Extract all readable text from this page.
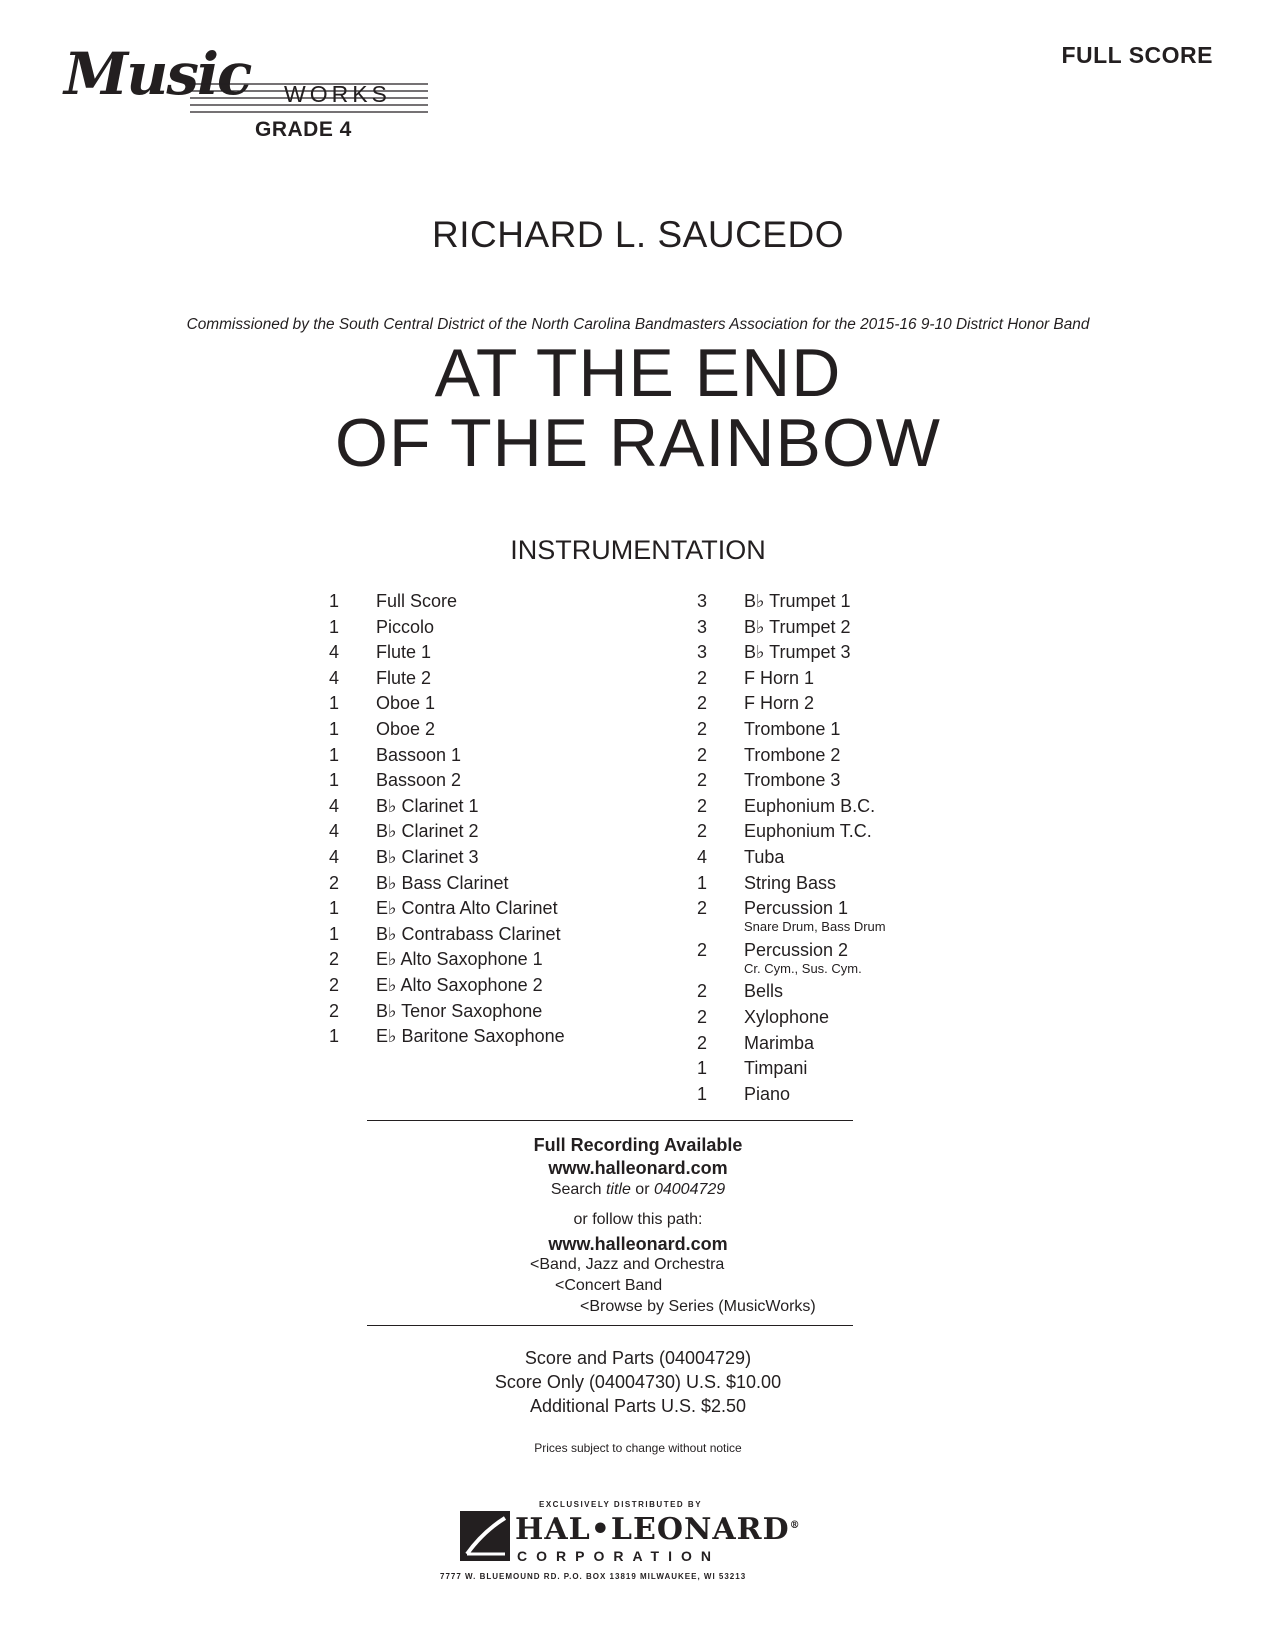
Music WORKS
GRADE 4
FULL SCORE
RICHARD L. SAUCEDO
Commissioned by the South Central District of the North Carolina Bandmasters Association for the 2015-16 9-10 District Honor Band
AT THE END
OF THE RAINBOW
INSTRUMENTATION
1	Full Score
1	Piccolo
4	Flute 1
4	Flute 2
1	Oboe 1
1	Oboe 2
1	Bassoon 1
1	Bassoon 2
4	B♭ Clarinet 1
4	B♭ Clarinet 2
4	B♭ Clarinet 3
2	B♭ Bass Clarinet
1	E♭ Contra Alto Clarinet
1	B♭ Contrabass Clarinet
2	E♭ Alto Saxophone 1
2	E♭ Alto Saxophone 2
2	B♭ Tenor Saxophone
1	E♭ Baritone Saxophone
3	B♭ Trumpet 1
3	B♭ Trumpet 2
3	B♭ Trumpet 3
2	F Horn 1
2	F Horn 2
2	Trombone 1
2	Trombone 2
2	Trombone 3
2	Euphonium B.C.
2	Euphonium T.C.
4	Tuba
1	String Bass
2	Percussion 1
Snare Drum, Bass Drum
2	Percussion 2
Cr. Cym., Sus. Cym.
2	Bells
2	Xylophone
2	Marimba
1	Timpani
1	Piano
Full Recording Available
www.halleonard.com
Search title or 04004729
or follow this path:
www.halleonard.com
<Band, Jazz and Orchestra
<Concert Band
<Browse by Series (MusicWorks)
Score and Parts (04004729)
Score Only (04004730) U.S. $10.00
Additional Parts U.S. $2.50
Prices subject to change without notice
EXCLUSIVELY DISTRIBUTED BY
HAL•LEONARD®
CORPORATION
7777 W. BLUEMOUND RD. P.O. BOX 13819 MILWAUKEE, WI 53213
